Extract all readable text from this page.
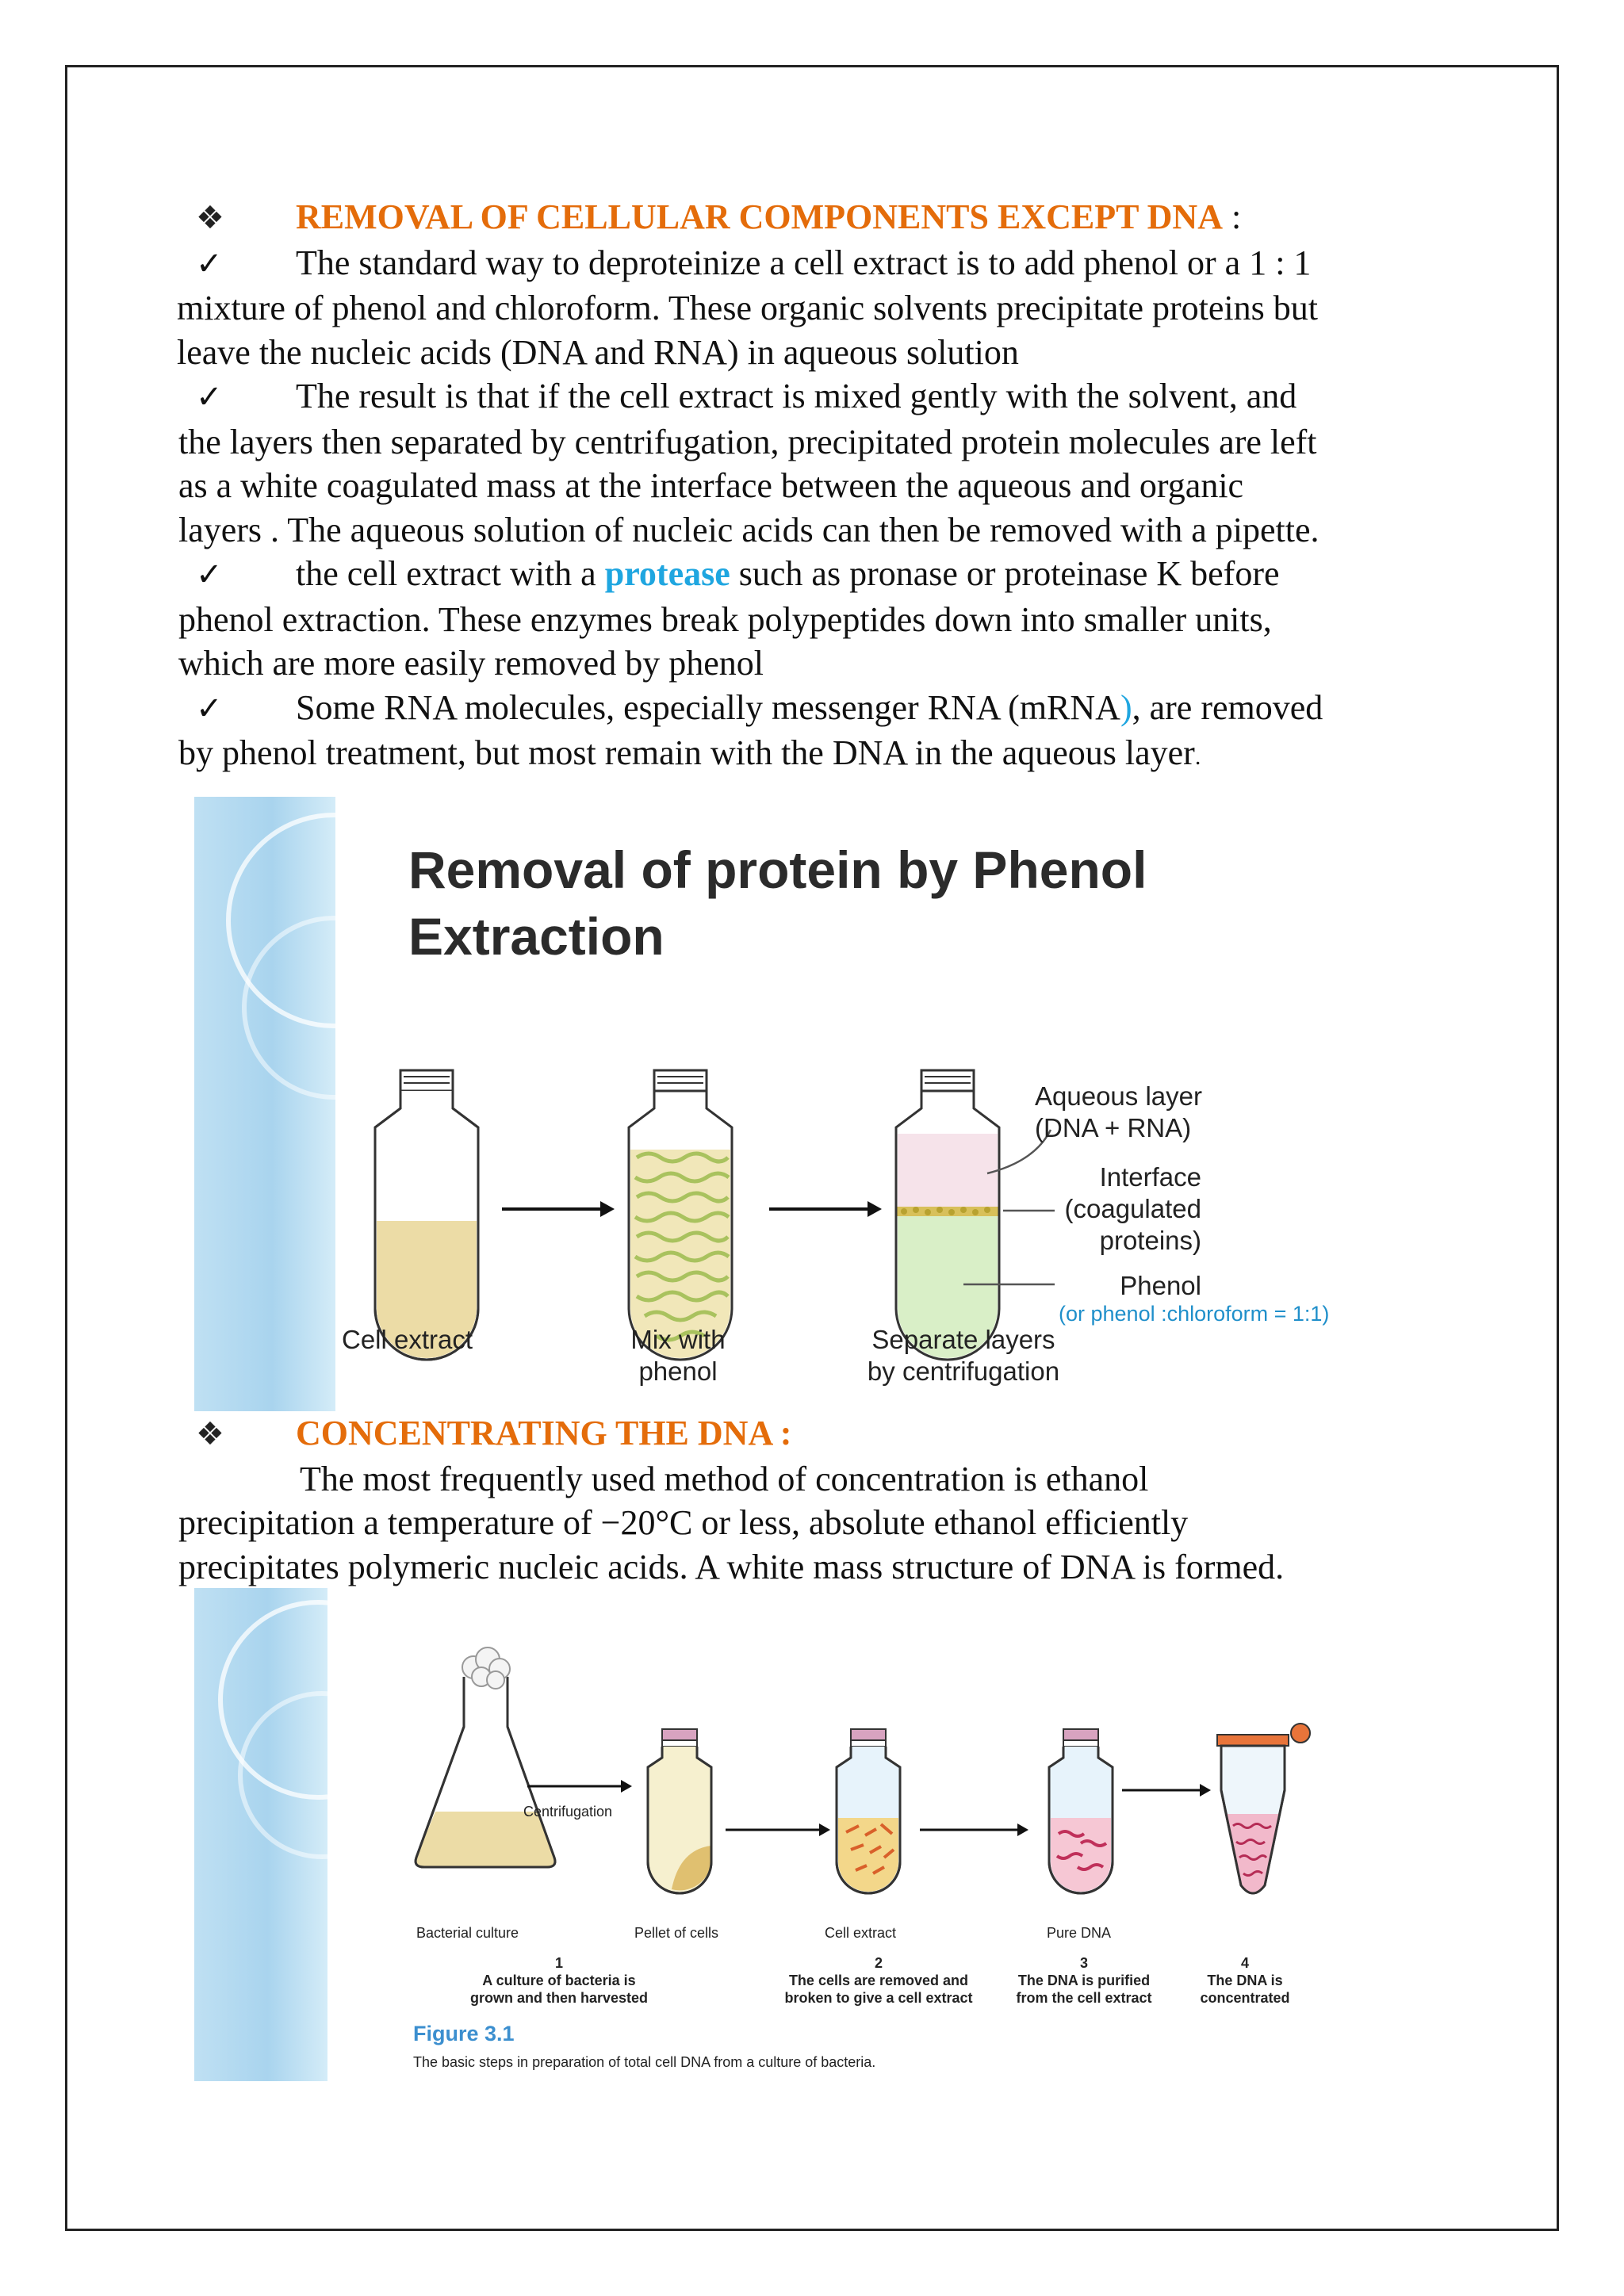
❖ REMOVAL OF CELLULAR COMPONENTS EXCEPT DNA :
✓ The standard way to deproteinize a cell extract is to add phenol or a 1 : 1
mixture of phenol and chloroform. These organic solvents precipitate proteins but
leave the nucleic acids (DNA and RNA) in aqueous solution
✓ The result is that if the cell extract is mixed gently with the solvent, and
the layers then separated by centrifugation, precipitated protein molecules are left
as a white coagulated mass at the interface between the aqueous and organic
layers . The aqueous solution of nucleic acids can then be removed with a pipette.
✓ the cell extract with a protease such as pronase or proteinase K before
phenol extraction. These enzymes break polypeptides down into smaller units,
which are more easily removed by phenol
✓ Some RNA molecules, especially messenger RNA (mRNA), are removed
by phenol treatment, but most remain with the DNA in the aqueous layer.
Removal of protein by Phenol
Extraction
Aqueous layer
(DNA + RNA)
Interface
(coagulated
proteins)
Phenol
(or phenol :chloroform = 1:1)
Cell extract	Mix with
phenol
Separate layers
by centrifugation
❖ CONCENTRATING THE DNA :
The most frequently used method of concentration is ethanol
precipitation a temperature of −20°C or less, absolute ethanol efficiently
precipitates polymeric nucleic acids. A white mass structure of DNA is formed.
Centrifugation
Bacterial culture	Pellet of cells	Cell extract	Pure DNA
1
A culture of bacteria is
grown and then harvested
2
The cells are removed and
broken to give a cell extract
3
The DNA is purified
from the cell extract
4
The DNA is
concentrated
Figure 3.1
The basic steps in preparation of total cell DNA from a culture of bacteria.
